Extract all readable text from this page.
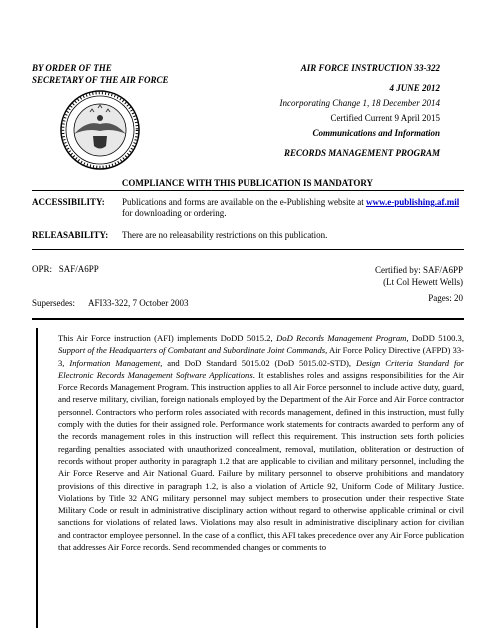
BY ORDER OF THE
SECRETARY OF THE AIR FORCE
AIR FORCE INSTRUCTION 33-322
4 JUNE 2012
Incorporating Change 1, 18 December 2014
Certified Current 9 April 2015
Communications and Information
RECORDS MANAGEMENT PROGRAM
COMPLIANCE WITH THIS PUBLICATION IS MANDATORY
ACCESSIBILITY: Publications and forms are available on the e-Publishing website at www.e-publishing.af.mil for downloading or ordering.
RELEASABILITY: There are no releasability restrictions on this publication.
OPR:   SAF/A6PP	Certified by: SAF/A6PP
(Lt Col Hewett Wells)
Pages: 20
Supersedes: AFI33-322, 7 October 2003

This Air Force instruction (AFI) implements DoDD 5015.2, DoD Records Management Program, DoDD 5100.3, Support of the Headquarters of Combatant and Subordinate Joint Commands, Air Force Policy Directive (AFPD) 33-3, Information Management, and DoD Standard 5015.02 (DoD 5015.02-STD), Design Criteria Standard for Electronic Records Management Software Applications. It establishes roles and assigns responsibilities for the Air Force Records Management Program. This instruction applies to all Air Force personnel to include active duty, guard, and reserve military, civilian, foreign nationals employed by the Department of the Air Force and Air Force contractor personnel. Contractors who perform roles associated with records management, defined in this instruction, must fully comply with the duties for their assigned role. Performance work statements for contracts awarded to perform any of the records management roles in this instruction will reflect this requirement. This instruction sets forth policies regarding penalties associated with unauthorized concealment, removal, mutilation, obliteration or destruction of records without proper authority in paragraph 1.2 that are applicable to civilian and military personnel, including the Air Force Reserve and Air National Guard. Failure by military personnel to observe prohibitions and mandatory provisions of this directive in paragraph 1.2, is also a violation of Article 92, Uniform Code of Military Justice. Violations by Title 32 ANG military personnel may subject members to prosecution under their respective State Military Code or result in administrative disciplinary action without regard to otherwise applicable criminal or civil sanctions for violations of related laws. Violations may also result in administrative disciplinary action for civilian and contractor employee personnel. In the case of a conflict, this AFI takes precedence over any Air Force publication that addresses Air Force records. Send recommended changes or comments to
